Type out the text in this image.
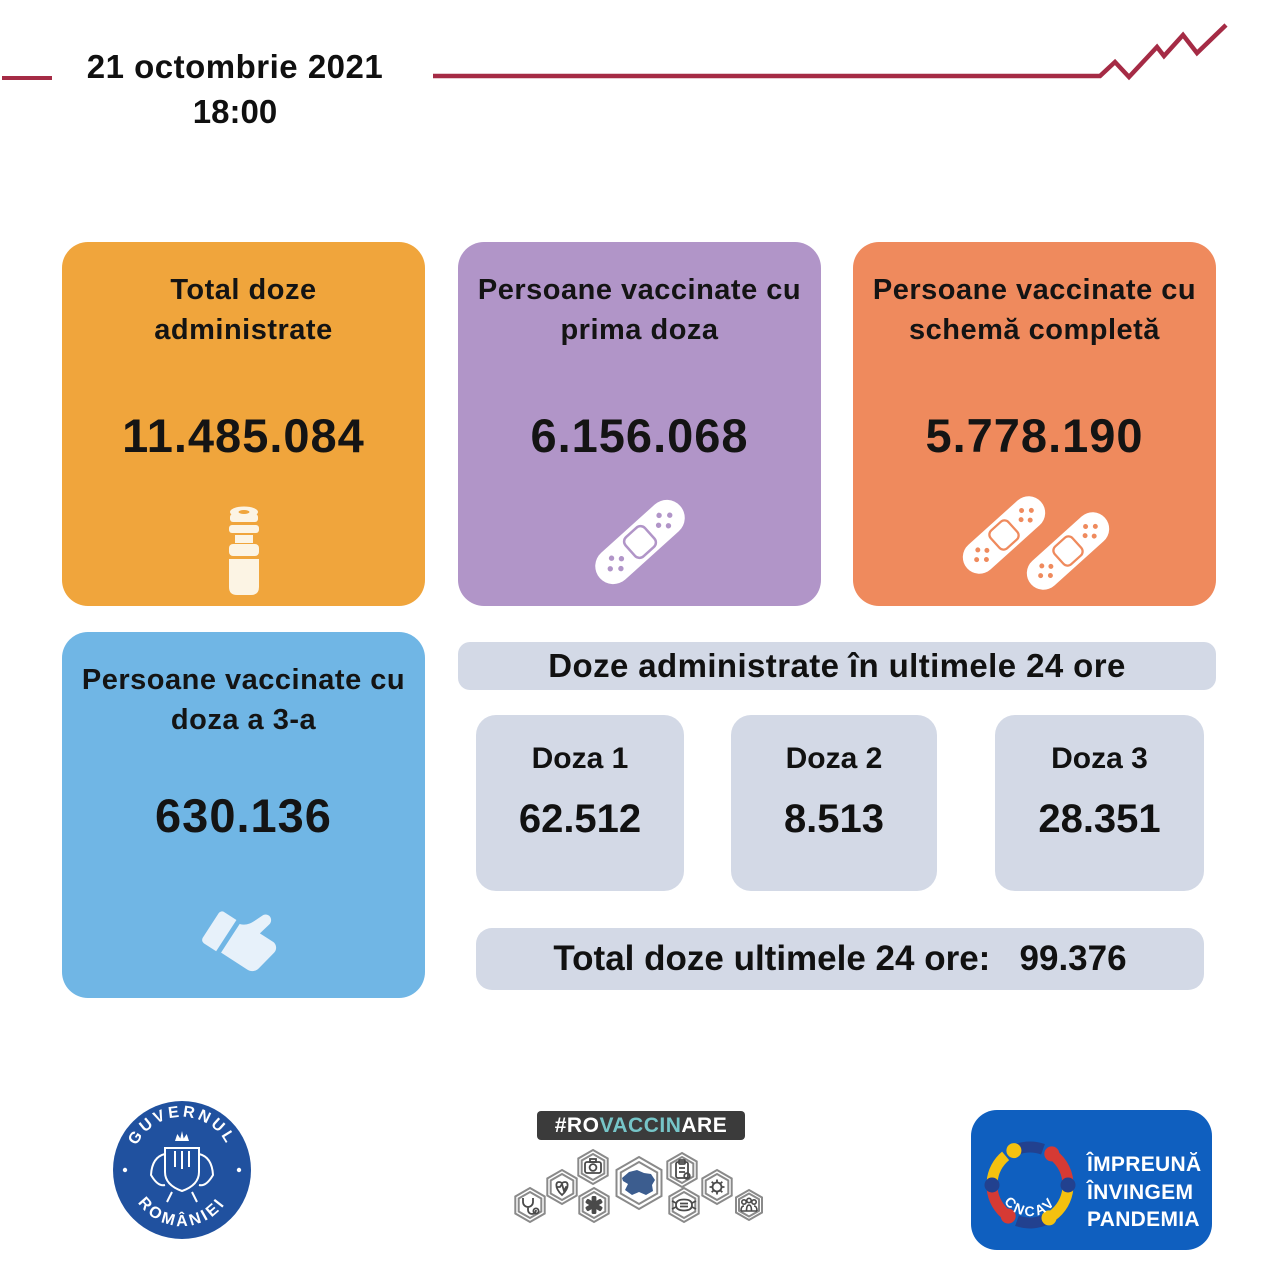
21 octombrie 2021
18:00
Total doze administrate
11.485.084
Persoane vaccinate cu prima doza
6.156.068
Persoane vaccinate cu schemă completă
5.778.190
Persoane vaccinate cu doza a 3-a
630.136
Doze administrate în ultimele 24 ore
Doza 1
62.512
Doza 2
8.513
Doza 3
28.351
Total doze ultimele 24 ore: 99.376
GUVERNUL
ROMÂNIEI
#ROVACCINARE
CNCAV
ÎMPREUNĂ
ÎNVINGEM
PANDEMIA
